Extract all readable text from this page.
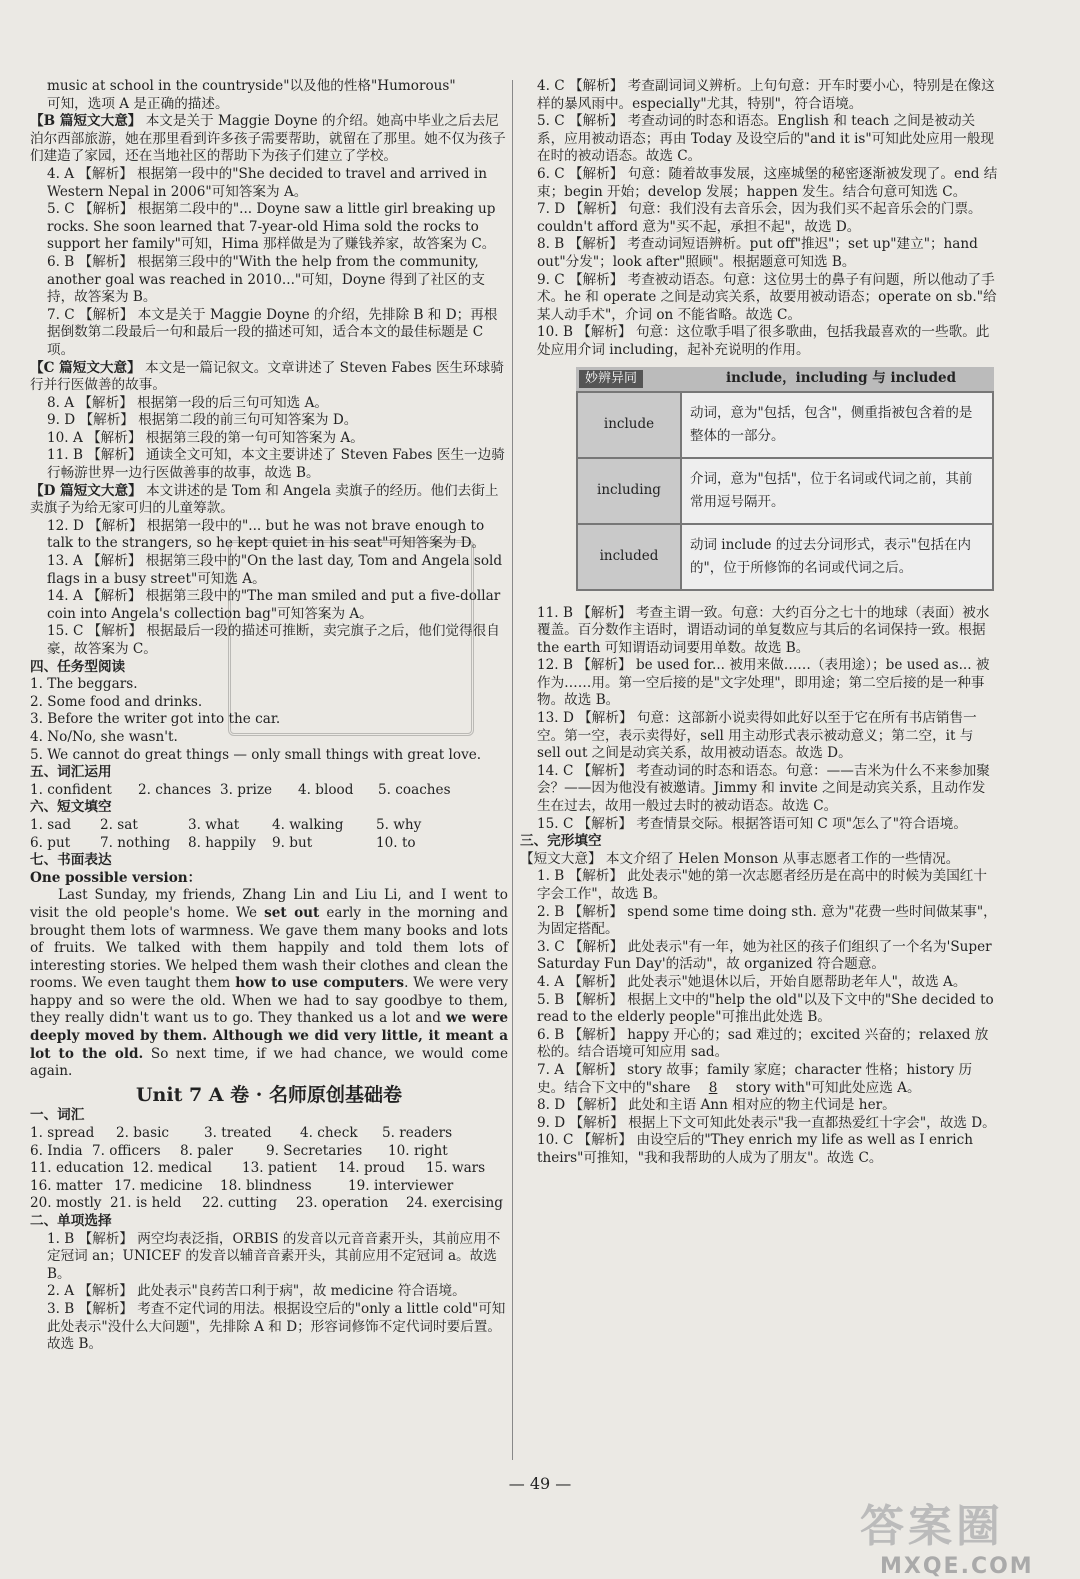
music at school in the countryside"以及他的性格"Humorous"

可知，选项 A 是正确的描述。

【B 篇短文大意】 本文是关于 Maggie Doyne 的介绍。她高中毕业之后去尼泊尔西部旅游，她在那里看到许多孩子需要帮助，就留在了那里。她不仅为孩子们建造了家园，还在当地社区的帮助下为孩子们建立了学校。

4. A 【解析】 根据第一段中的"She decided to travel and arrived in Western Nepal in 2006"可知答案为 A。

5. C 【解析】 根据第二段中的"... Doyne saw a little girl breaking up rocks. She soon learned that 7-year-old Hima sold the rocks to support her family"可知，Hima 那样做是为了赚钱养家，故答案为 C。

6. B 【解析】 根据第三段中的"With the help from the community, another goal was reached in 2010..."可知，Doyne 得到了社区的支持，故答案为 B。

7. C 【解析】 本文是关于 Maggie Doyne 的介绍，先排除 B 和 D；再根据倒数第二段最后一句和最后一段的描述可知，适合本文的最佳标题是 C 项。

【C 篇短文大意】 本文是一篇记叙文。文章讲述了 Steven Fabes 医生环球骑行并行医做善的故事。

8. A 【解析】 根据第一段的后三句可知选 A。

9. D 【解析】 根据第二段的前三句可知答案为 D。

10. A 【解析】 根据第三段的第一句可知答案为 A。

11. B 【解析】 通读全文可知，本文主要讲述了 Steven Fabes 医生一边骑行畅游世界一边行医做善事的故事，故选 B。

【D 篇短文大意】 本文讲述的是 Tom 和 Angela 卖旗子的经历。他们去街上卖旗子为给无家可归的儿童筹款。

12. D 【解析】 根据第一段中的"... but he was not brave enough to talk to the strangers, so he kept quiet in his seat"可知答案为 D。

13. A 【解析】 根据第三段中的"On the last day, Tom and Angela sold flags in a busy street"可知选 A。

14. A 【解析】 根据第三段中的"The man smiled and put a five-dollar coin into Angela's collection bag"可知答案为 A。

15. C 【解析】 根据最后一段的描述可推断，卖完旗子之后，他们觉得很自豪，故答案为 C。

四、任务型阅读

1. The beggars.

2. Some food and drinks.

3. Before the writer got into the car.

4. No/No, she wasn't.

5. We cannot do great things — only small things with great love.

五、词汇运用

1. confident	2. chances 3. prize	4. blood	5. coaches

六、短文填空

1. sad	2. sat	3. what	4. walking	5. why
6. put	7. nothing	8. happily	9. but	10. to

七、书面表达

One possible version：

Last Sunday, my friends, Zhang Lin and Liu Li, and I went to visit the old people's home. We set out early in the morning and brought them lots of warmness. We gave them many books and lots of fruits. We talked with them happily and told them lots of interesting stories. We helped them wash their clothes and clean the rooms. We even taught them how to use computers. We were very happy and so were the old. When we had to say goodbye to them, they really didn't want us to go. They thanked us a lot and we were deeply moved by them. Although we did very little, it meant a lot to the old. So next time, if we had chance, we would come again.

Unit 7 A 卷 · 名师原创基础卷

一、词汇

1. spread	2. basic	3. treated	4. check	5. readers
6. India 7. officers	8. paler	9. Secretaries	10. right
11. education 12. medical	13. patient	14. proud	15. wars
16. matter 17. medicine	18. blindness	19. interviewer
20. mostly 21. is held	22. cutting	23. operation	24. exercising

二、单项选择

1. B 【解析】 两空均表泛指，ORBIS 的发音以元音音素开头，其前应用不定冠词 an；UNICEF 的发音以辅音音素开头，其前应用不定冠词 a。故选 B。

2. A 【解析】 此处表示"良药苦口利于病"，故 medicine 符合语境。

3. B 【解析】 考查不定代词的用法。根据设空后的"only a little cold"可知此处表示"没什么大问题"，先排除 A 和 D；形容词修饰不定代词时要后置。故选 B。

4. C 【解析】 考查副词词义辨析。上句句意：开车时要小心，特别是在像这样的暴风雨中。especially"尤其，特别"，符合语境。

5. C 【解析】 考查动词的时态和语态。English 和 teach 之间是被动关系，应用被动语态；再由 Today 及设空后的"and it is"可知此处应用一般现在时的被动语态。故选 C。

6. C 【解析】 句意：随着故事发展，这座城堡的秘密逐渐被发现了。end 结束；begin 开始；develop 发展；happen 发生。结合句意可知选 C。

7. D 【解析】 句意：我们没有去音乐会，因为我们买不起音乐会的门票。couldn't afford 意为"买不起，承担不起"，故选 D。

8. B 【解析】 考查动词短语辨析。put off"推迟"；set up"建立"；hand out"分发"；look after"照顾"。根据题意可知选 B。

9. C 【解析】 考查被动语态。句意：这位男士的鼻子有问题，所以他动了手术。he 和 operate 之间是动宾关系，故要用被动语态；operate on sb."给某人动手术"，介词 on 不能省略。故选 C。

10. B 【解析】 句意：这位歌手唱了很多歌曲，包括我最喜欢的一些歌。此处应用介词 including，起补充说明的作用。

妙辨异同	include，including 与 included
include	动词，意为"包括，包含"，侧重指被包含着的是整体的一部分。
including	介词，意为"包括"，位于名词或代词之前，其前常用逗号隔开。
included	动词 include 的过去分词形式，表示"包括在内的"，位于所修饰的名词或代词之后。

11. B 【解析】 考查主谓一致。句意：大约百分之七十的地球（表面）被水覆盖。百分数作主语时，谓语动词的单复数应与其后的名词保持一致。根据 the earth 可知谓语动词要用单数。故选 B。

12. B 【解析】 be used for... 被用来做……（表用途）；be used as... 被作为……用。第一空后接的是"文字处理"，即用途；第二空后接的是一种事物。故选 B。

13. D 【解析】 句意：这部新小说卖得如此好以至于它在所有书店销售一空。第一空，表示卖得好，sell 用主动形式表示被动意义；第二空，it 与 sell out 之间是动宾关系，故用被动语态。故选 D。

14. C 【解析】 考查动词的时态和语态。句意：——吉米为什么不来参加聚会？——因为他没有被邀请。Jimmy 和 invite 之间是动宾关系，且动作发生在过去，故用一般过去时的被动语态。故选 C。

15. C 【解析】 考查情景交际。根据答语可知 C 项"怎么了"符合语境。

三、完形填空

【短文大意】 本文介绍了 Helen Monson 从事志愿者工作的一些情况。

1. B 【解析】 此处表示"她的第一次志愿者经历是在高中的时候为美国红十字会工作"，故选 B。

2. B 【解析】 spend some time doing sth. 意为"花费一些时间做某事"，为固定搭配。

3. C 【解析】 此处表示"有一年，她为社区的孩子们组织了一个名为'Super Saturday Fun Day'的活动"，故 organized 符合题意。

4. A 【解析】 此处表示"她退休以后，开始自愿帮助老年人"，故选 A。

5. B 【解析】 根据上文中的"help the old"以及下文中的"She decided to read to the elderly people"可推出此处选 B。

6. B 【解析】 happy 开心的；sad 难过的；excited 兴奋的；relaxed 放松的。结合语境可知应用 sad。

7. A 【解析】 story 故事；family 家庭；character 性格；history 历史。结合下文中的"share 8 story with"可知此处应选 A。

8. D 【解析】 此处和主语 Ann 相对应的物主代词是 her。

9. D 【解析】 根据上下文可知此处表示"我一直都热爱红十字会"，故选 D。

10. C 【解析】 由设空后的"They enrich my life as well as I enrich theirs"可推知，"我和我帮助的人成为了朋友"。故选 C。

— 49 —
答案圈
MXQE.COM
